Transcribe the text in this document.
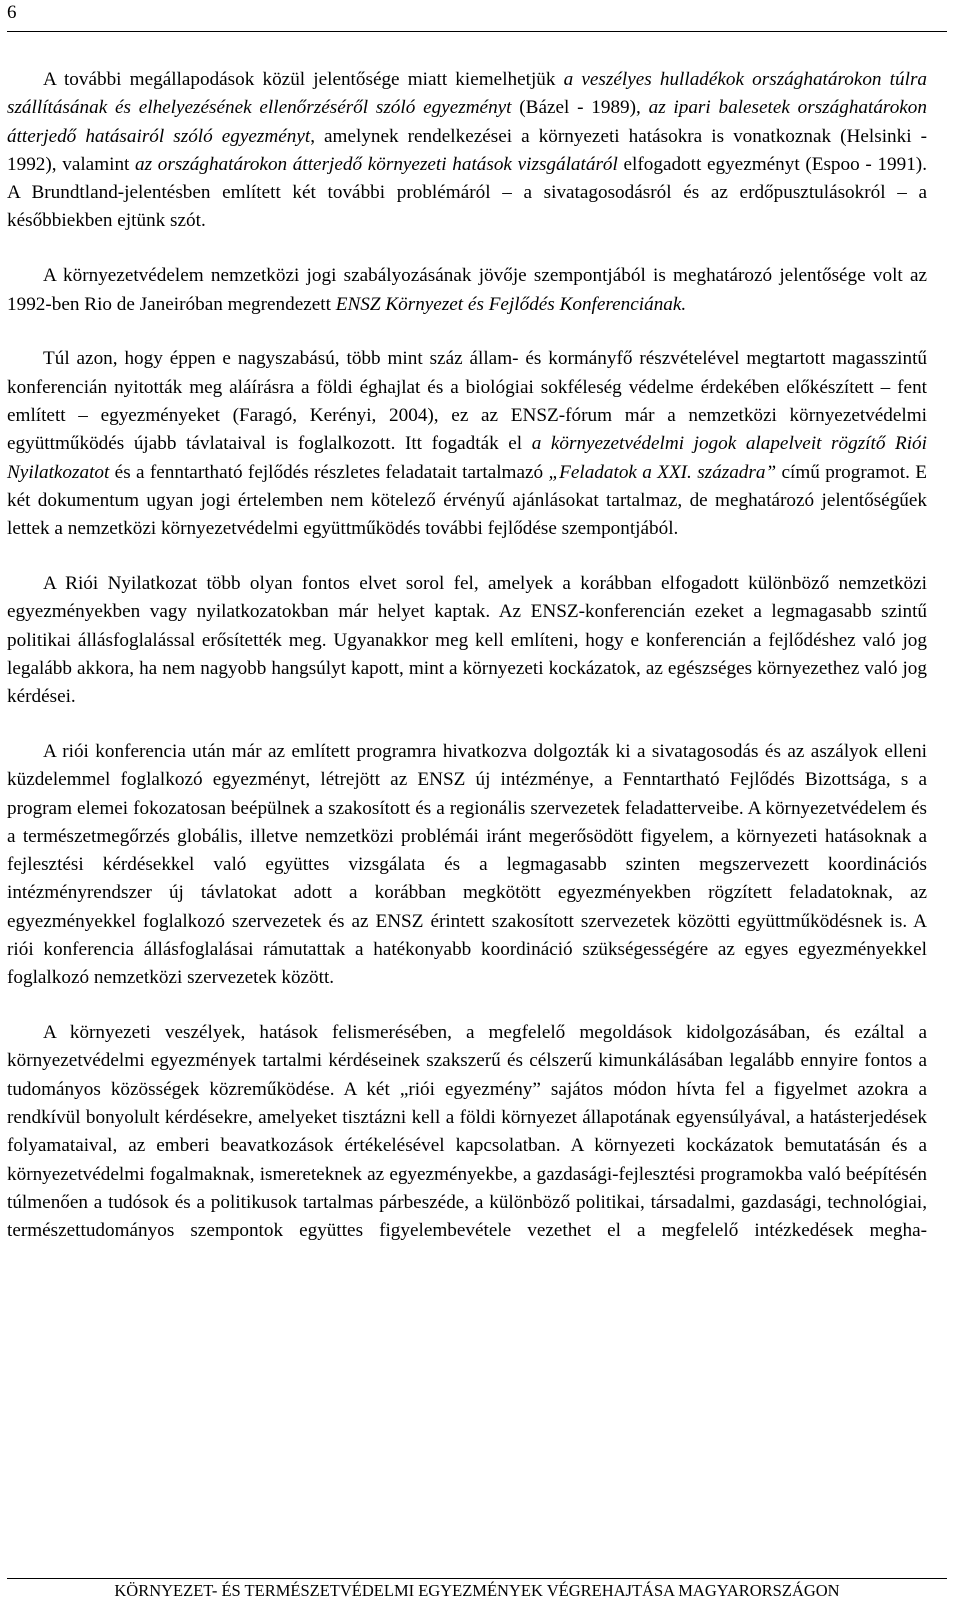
6

A további megállapodások közül jelentősége miatt kiemelhetjük a veszélyes hulladékok országhatárokon túlra szállításának és elhelyezésének ellenőrzéséről szóló egyezményt (Bázel - 1989), az ipari balesetek országhatárokon átterjedő hatásairól szóló egyezményt, amelynek rendelkezései a környezeti hatásokra is vonatkoznak (Helsinki - 1992), valamint az országhatárokon átterjedő környezeti hatások vizsgálatáról elfogadott egyezményt (Espoo - 1991). A Brundtland-jelentésben említett két további problémáról – a sivatagosodásról és az erdőpusztulásokról – a későbbiekben ejtünk szót.

A környezetvédelem nemzetközi jogi szabályozásának jövője szempontjából is meghatározó jelentősége volt az 1992-ben Rio de Janeiróban megrendezett ENSZ Környezet és Fejlődés Konferenciának.

Túl azon, hogy éppen e nagyszabású, több mint száz állam- és kormányfő részvételével megtartott magasszintű konferencián nyitották meg aláírásra a földi éghajlat és a biológiai sokféleség védelme érdekében előkészített – fent említett – egyezményeket (Faragó, Kerényi, 2004), ez az ENSZ-fórum már a nemzetközi környezetvédelmi együttműködés újabb távlataival is foglalkozott. Itt fogadták el a környezetvédelmi jogok alapelveit rögzítő Riói Nyilatkozatot és a fenntartható fejlődés részletes feladatait tartalmazó „Feladatok a XXI. századra” című programot. E két dokumentum ugyan jogi értelemben nem kötelező érvényű ajánlásokat tartalmaz, de meghatározó jelentőségűek lettek a nemzetközi környezetvédelmi együttműködés további fejlődése szempontjából.

A Riói Nyilatkozat több olyan fontos elvet sorol fel, amelyek a korábban elfogadott különböző nemzetközi egyezményekben vagy nyilatkozatokban már helyet kaptak. Az ENSZ-konferencián ezeket a legmagasabb szintű politikai állásfoglalással erősítették meg. Ugyanakkor meg kell említeni, hogy e konferencián a fejlődéshez való jog legalább akkora, ha nem nagyobb hangsúlyt kapott, mint a környezeti kockázatok, az egészséges környezethez való jog kérdései.

A riói konferencia után már az említett programra hivatkozva dolgozták ki a sivatagosodás és az aszályok elleni küzdelemmel foglalkozó egyezményt, létrejött az ENSZ új intézménye, a Fenntartható Fejlődés Bizottsága, s a program elemei fokozatosan beépülnek a szakosított és a regionális szervezetek feladatterveibe. A környezetvédelem és a természetmegőrzés globális, illetve nemzetközi problémái iránt megerősödött figyelem, a környezeti hatásoknak a fejlesztési kérdésekkel való együttes vizsgálata és a legmagasabb szinten megszervezett koordinációs intézményrendszer új távlatokat adott a korábban megkötött egyezményekben rögzített feladatoknak, az egyezményekkel foglalkozó szervezetek és az ENSZ érintett szakosított szervezetek közötti együttműködésnek is. A riói konferencia állásfoglalásai rámutattak a hatékonyabb koordináció szükségességére az egyes egyezményekkel foglalkozó nemzetközi szervezetek között.

A környezeti veszélyek, hatások felismerésében, a megfelelő megoldások kidolgozásában, és ezáltal a környezetvédelmi egyezmények tartalmi kérdéseinek szakszerű és célszerű kimunkálásában legalább ennyire fontos a tudományos közösségek közreműködése. A két „riói egyezmény” sajátos módon hívta fel a figyelmet azokra a rendkívül bonyolult kérdésekre, amelyeket tisztázni kell a földi környezet állapotának egyensúlyával, a hatásterjedések folyamataival, az emberi beavatkozások értékelésével kapcsolatban. A környezeti kockázatok bemutatásán és a környezetvédelmi fogalmaknak, ismereteknek az egyezményekbe, a gazdasági-fejlesztési programokba való beépítésén túlmenően a tudósok és a politikusok tartalmas párbeszéde, a különböző politikai, társadalmi, gazdasági, technológiai, természettudományos szempontok együttes figyelembevétele vezethet el a megfelelő intézkedések megha-

KÖRNYEZET- ÉS TERMÉSZETVÉDELMI EGYEZMÉNYEK VÉGREHAJTÁSA MAGYARORSZÁGON
